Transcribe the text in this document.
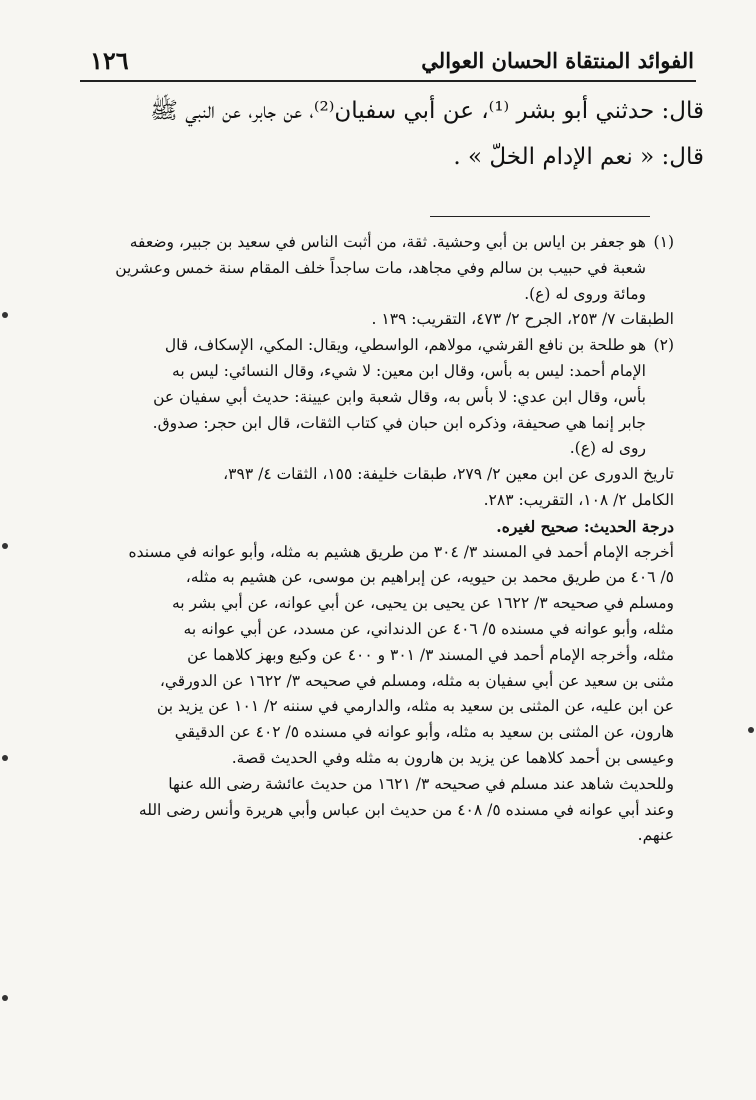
١٢٦	الفوائد المنتقاة الحسان العوالي
قال: حدثني أبو بشر ⁽¹⁾، عن أبي سفيان⁽²⁾، عن جابر، عن النبي ﷺ
قال: « نعم الإدام الخلّ » .
(١)هو جعفر بن اياس بن أبي وحشية. ثقة، من أثبت الناس في سعيد بن جبير، وضعفه
شعبة في حبيب بن سالم وفي مجاهد، مات ساجداً خلف المقام سنة خمس وعشرين
ومائة وروى له (ع).
الطبقات ٧/ ٢٥٣، الجرح ٢/ ٤٧٣، التقريب: ١٣٩ .
(٢)هو طلحة بن نافع القرشي، مولاهم، الواسطي، ويقال: المكي، الإسكاف، قال
الإمام أحمد: ليس به بأس، وقال ابن معين: لا شيء، وقال النسائي: ليس به
بأس، وقال ابن عدي: لا بأس به، وقال شعبة وابن عيينة: حديث أبي سفيان عن
جابر إنما هي صحيفة، وذكره ابن حبان في كتاب الثقات، قال ابن حجر: صدوق.
روى له (ع).
تاريخ الدورى عن ابن معين ٢/ ٢٧٩، طبقات خليفة: ١٥٥، الثقات ٤/ ٣٩٣،
الكامل ٢/ ١٠٨، التقريب: ٢٨٣.
درجة الحديث: صحيح لغيره.
أخرجه الإمام أحمد في المسند ٣/ ٣٠٤ من طريق هشيم به مثله، وأبو عوانه في مسنده
٥/ ٤٠٦ من طريق محمد بن حيويه، عن إبراهيم بن موسى، عن هشيم به مثله،
ومسلم في صحيحه ٣/ ١٦٢٢ عن يحيى بن يحيى، عن أبي عوانه، عن أبي بشر به
مثله، وأبو عوانه في مسنده ٥/ ٤٠٦ عن الدنداني، عن مسدد، عن أبي عوانه به
مثله، وأخرجه الإمام أحمد في المسند ٣/ ٣٠١ و ٤٠٠ عن وكيع وبهز كلاهما عن
مثنى بن سعيد عن أبي سفيان به مثله، ومسلم في صحيحه ٣/ ١٦٢٢ عن الدورقي،
عن ابن عليه، عن المثنى بن سعيد به مثله، والدارمي في سننه ٢/ ١٠١ عن يزيد بن
هارون، عن المثنى بن سعيد به مثله، وأبو عوانه في مسنده ٥/ ٤٠٢ عن الدقيقي
وعيسى بن أحمد كلاهما عن يزيد بن هارون به مثله وفي الحديث قصة.
وللحديث شاهد عند مسلم في صحيحه ٣/ ١٦٢١ من حديث عائشة رضى الله عنها
وعند أبي عوانه في مسنده ٥/ ٤٠٨ من حديث ابن عباس وأبي هريرة وأنس رضى الله
عنهم.
